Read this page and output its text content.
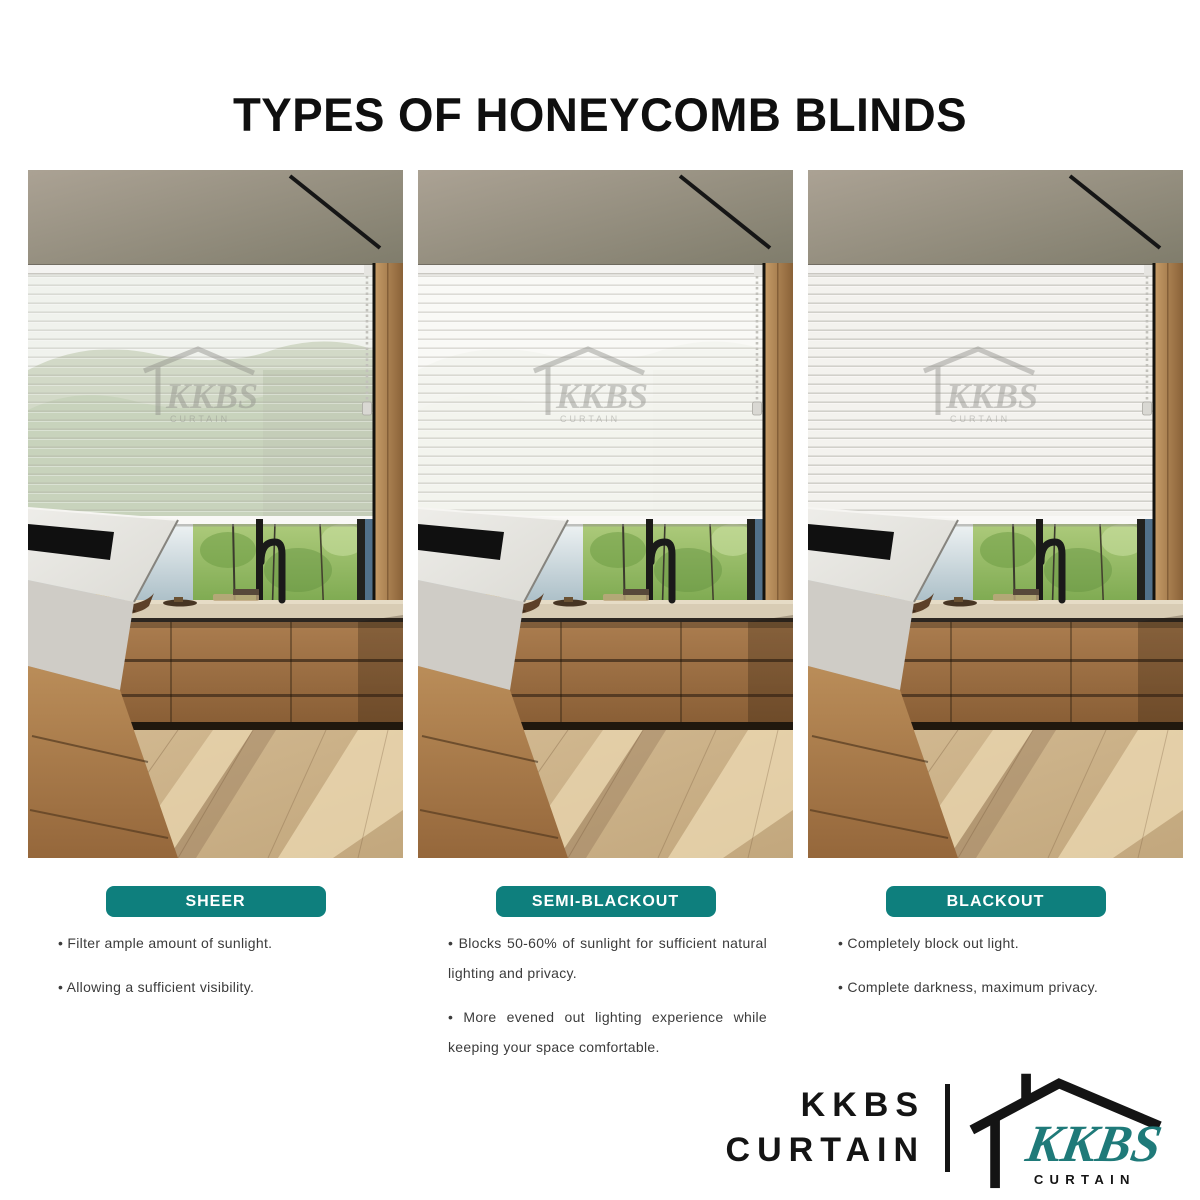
TYPES OF HONEYCOMB BLINDS
KKBS
CURTAIN
KKBS
CURTAIN
KKBS
CURTAIN
SHEER	SEMI-BLACKOUT	BLACKOUT

• Filter ample amount of sunlight.

• Allowing a sufficient visibility.

• Blocks 50-60% of sunlight for sufficient natural lighting and privacy.

• More evened out lighting experience while keeping your space comfortable.

• Completely block out light.

• Complete darkness, maximum privacy.

KKBS
CURTAIN KKBS
CURTAIN
